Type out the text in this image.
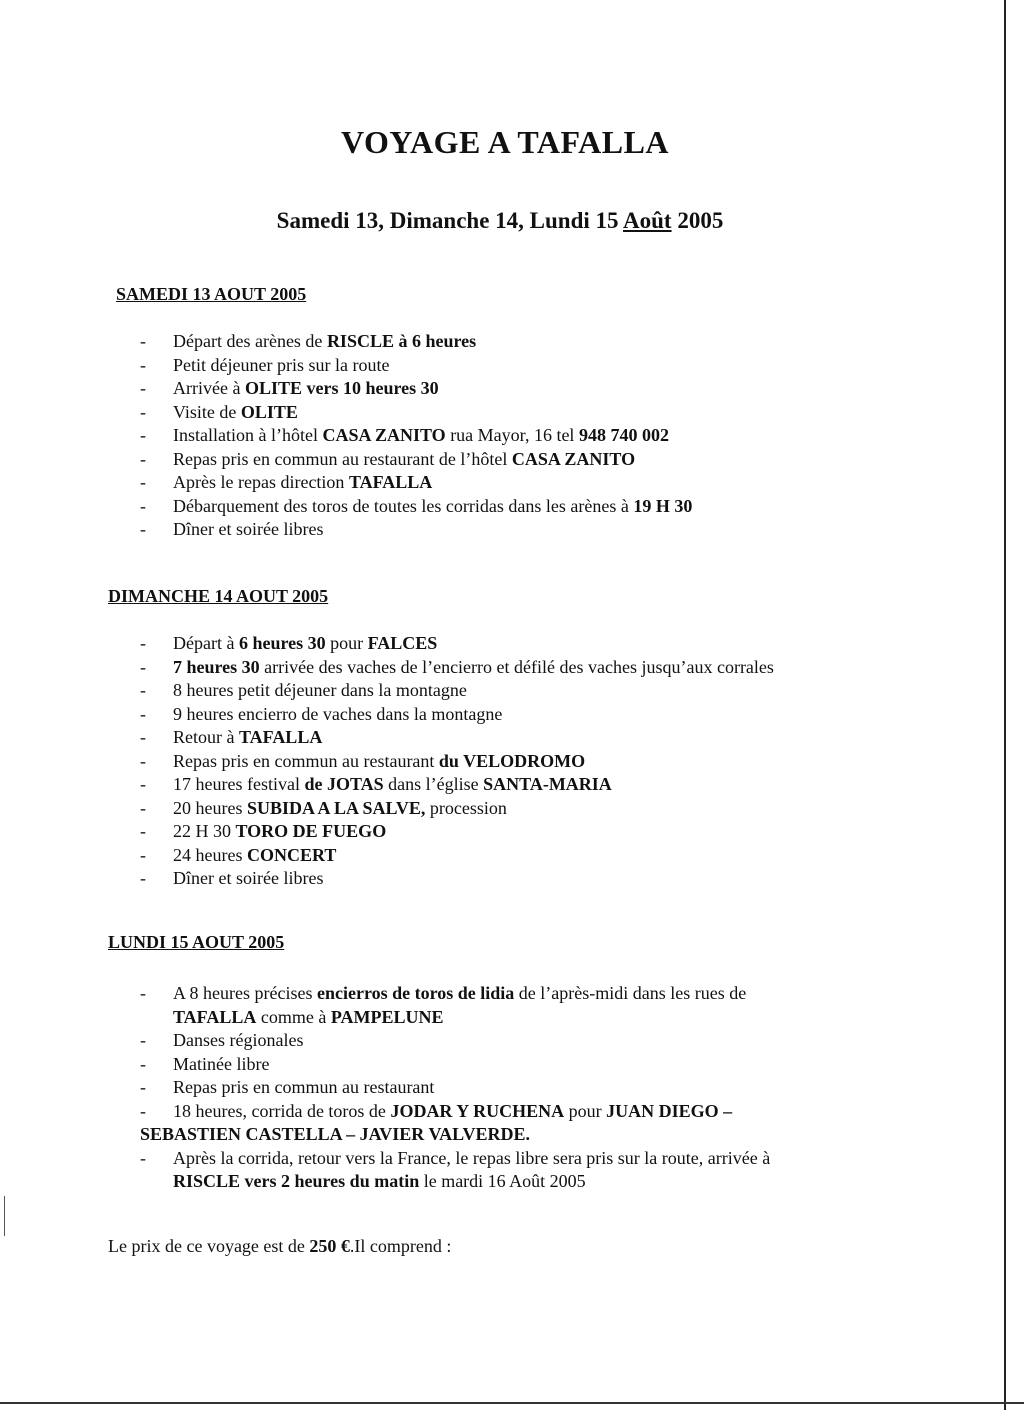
VOYAGE A TAFALLA
Samedi 13, Dimanche 14, Lundi 15 Août 2005
SAMEDI 13 AOUT 2005
- Départ des arènes de RISCLE à 6 heures
- Petit déjeuner pris sur la route
- Arrivée à OLITE vers 10 heures 30
- Visite de OLITE
- Installation à l’hôtel CASA ZANITO rua Mayor, 16 tel 948 740 002
- Repas pris en commun au restaurant de l’hôtel CASA ZANITO
- Après le repas direction TAFALLA
- Débarquement des toros de toutes les corridas dans les arènes à 19 H 30
- Dîner et soirée libres
DIMANCHE 14 AOUT 2005
- Départ à 6 heures 30 pour FALCES
- 7 heures 30 arrivée des vaches de l’encierro et défilé des vaches jusqu’aux corrales
- 8 heures petit déjeuner dans la montagne
- 9 heures encierro de vaches dans la montagne
- Retour à TAFALLA
- Repas pris en commun au restaurant du VELODROMO
- 17 heures festival de JOTAS dans l’église SANTA-MARIA
- 20 heures SUBIDA A LA SALVE, procession
- 22 H 30 TORO DE FUEGO
- 24 heures CONCERT
- Dîner et soirée libres
LUNDI 15 AOUT 2005
- A 8 heures précises encierros de toros de lidia de l’après-midi dans les rues de
TAFALLA comme à PAMPELUNE
- Danses régionales
- Matinée libre
- Repas pris en commun au restaurant
- 18 heures, corrida de toros de JODAR Y RUCHENA pour JUAN DIEGO –
SEBASTIEN CASTELLA – JAVIER VALVERDE.
- Après la corrida, retour vers la France, le repas libre sera pris sur la route, arrivée à
RISCLE vers 2 heures du matin le mardi 16 Août 2005
Le prix de ce voyage est de 250 €.Il comprend :
